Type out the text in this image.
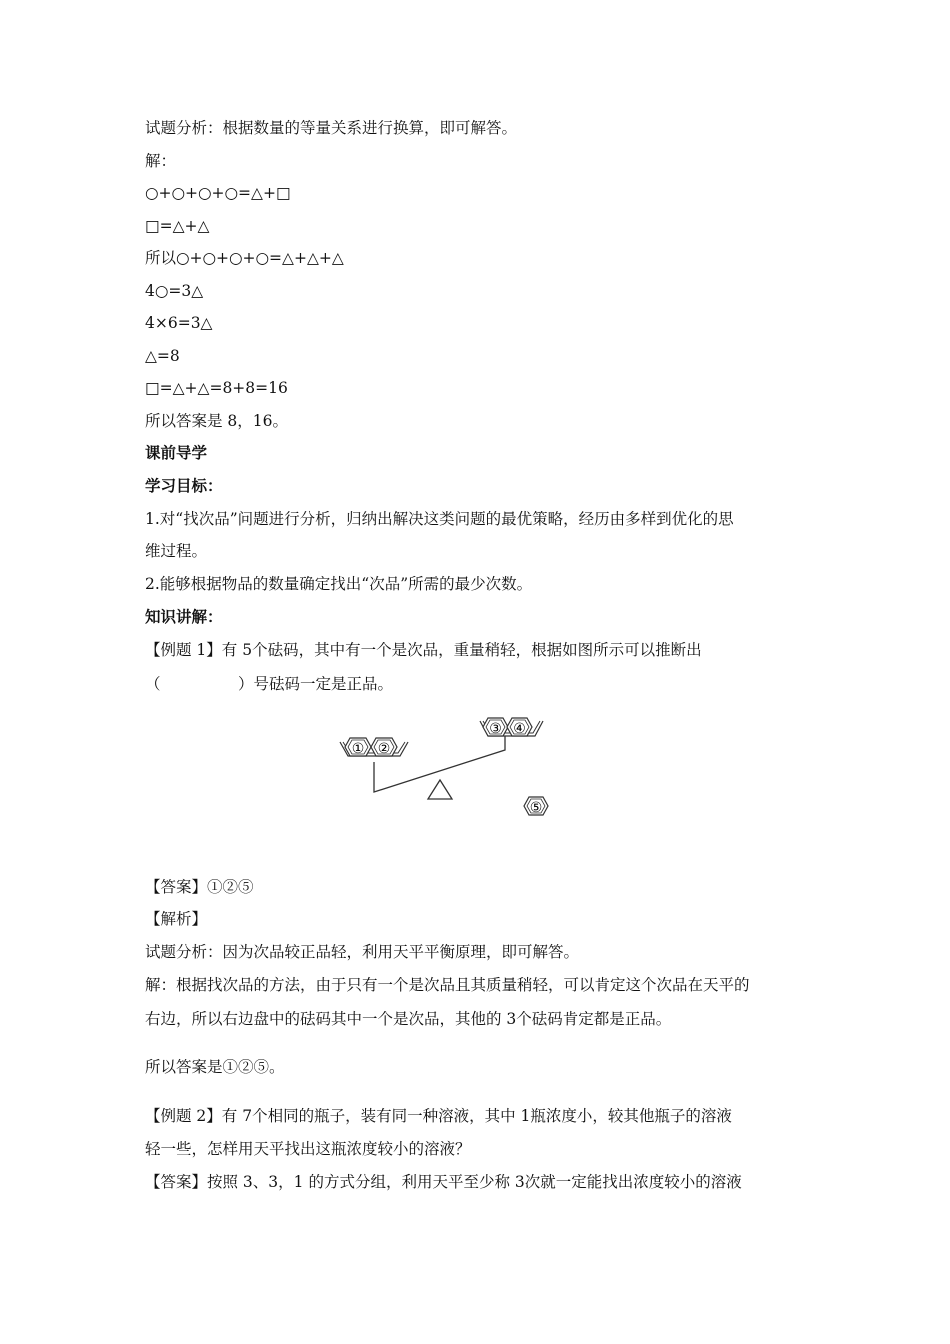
试题分析：根据数量的等量关系进行换算，即可解答。
解：
○+○+○+○=△+□
□=△+△
所以○+○+○+○=△+△+△
4○=3△
4×6=3△
△=8
□=△+△=8+8=16
所以答案是 8，16。
课前导学
学习目标：
1.对“找次品”问题进行分析，归纳出解决这类问题的最优策略，经历由多样到优化的思
维过程。
2.能够根据物品的数量确定找出“次品”所需的最少次数。
知识讲解：
【例题 1】有 5个砝码，其中有一个是次品，重量稍轻，根据如图所示可以推断出
（　　　　　）号砝码一定是正品。
① ②
③ ④
⑤
【答案】①②⑤
【解析】
试题分析：因为次品较正品轻，利用天平平衡原理，即可解答。
解：根据找次品的方法，由于只有一个是次品且其质量稍轻，可以肯定这个次品在天平的
右边，所以右边盘中的砝码其中一个是次品，其他的 3个砝码肯定都是正品。
所以答案是①②⑤。
【例题 2】有 7个相同的瓶子，装有同一种溶液，其中 1瓶浓度小，较其他瓶子的溶液
轻一些，怎样用天平找出这瓶浓度较小的溶液？
【答案】按照 3、3，1 的方式分组，利用天平至少称 3次就一定能找出浓度较小的溶液
